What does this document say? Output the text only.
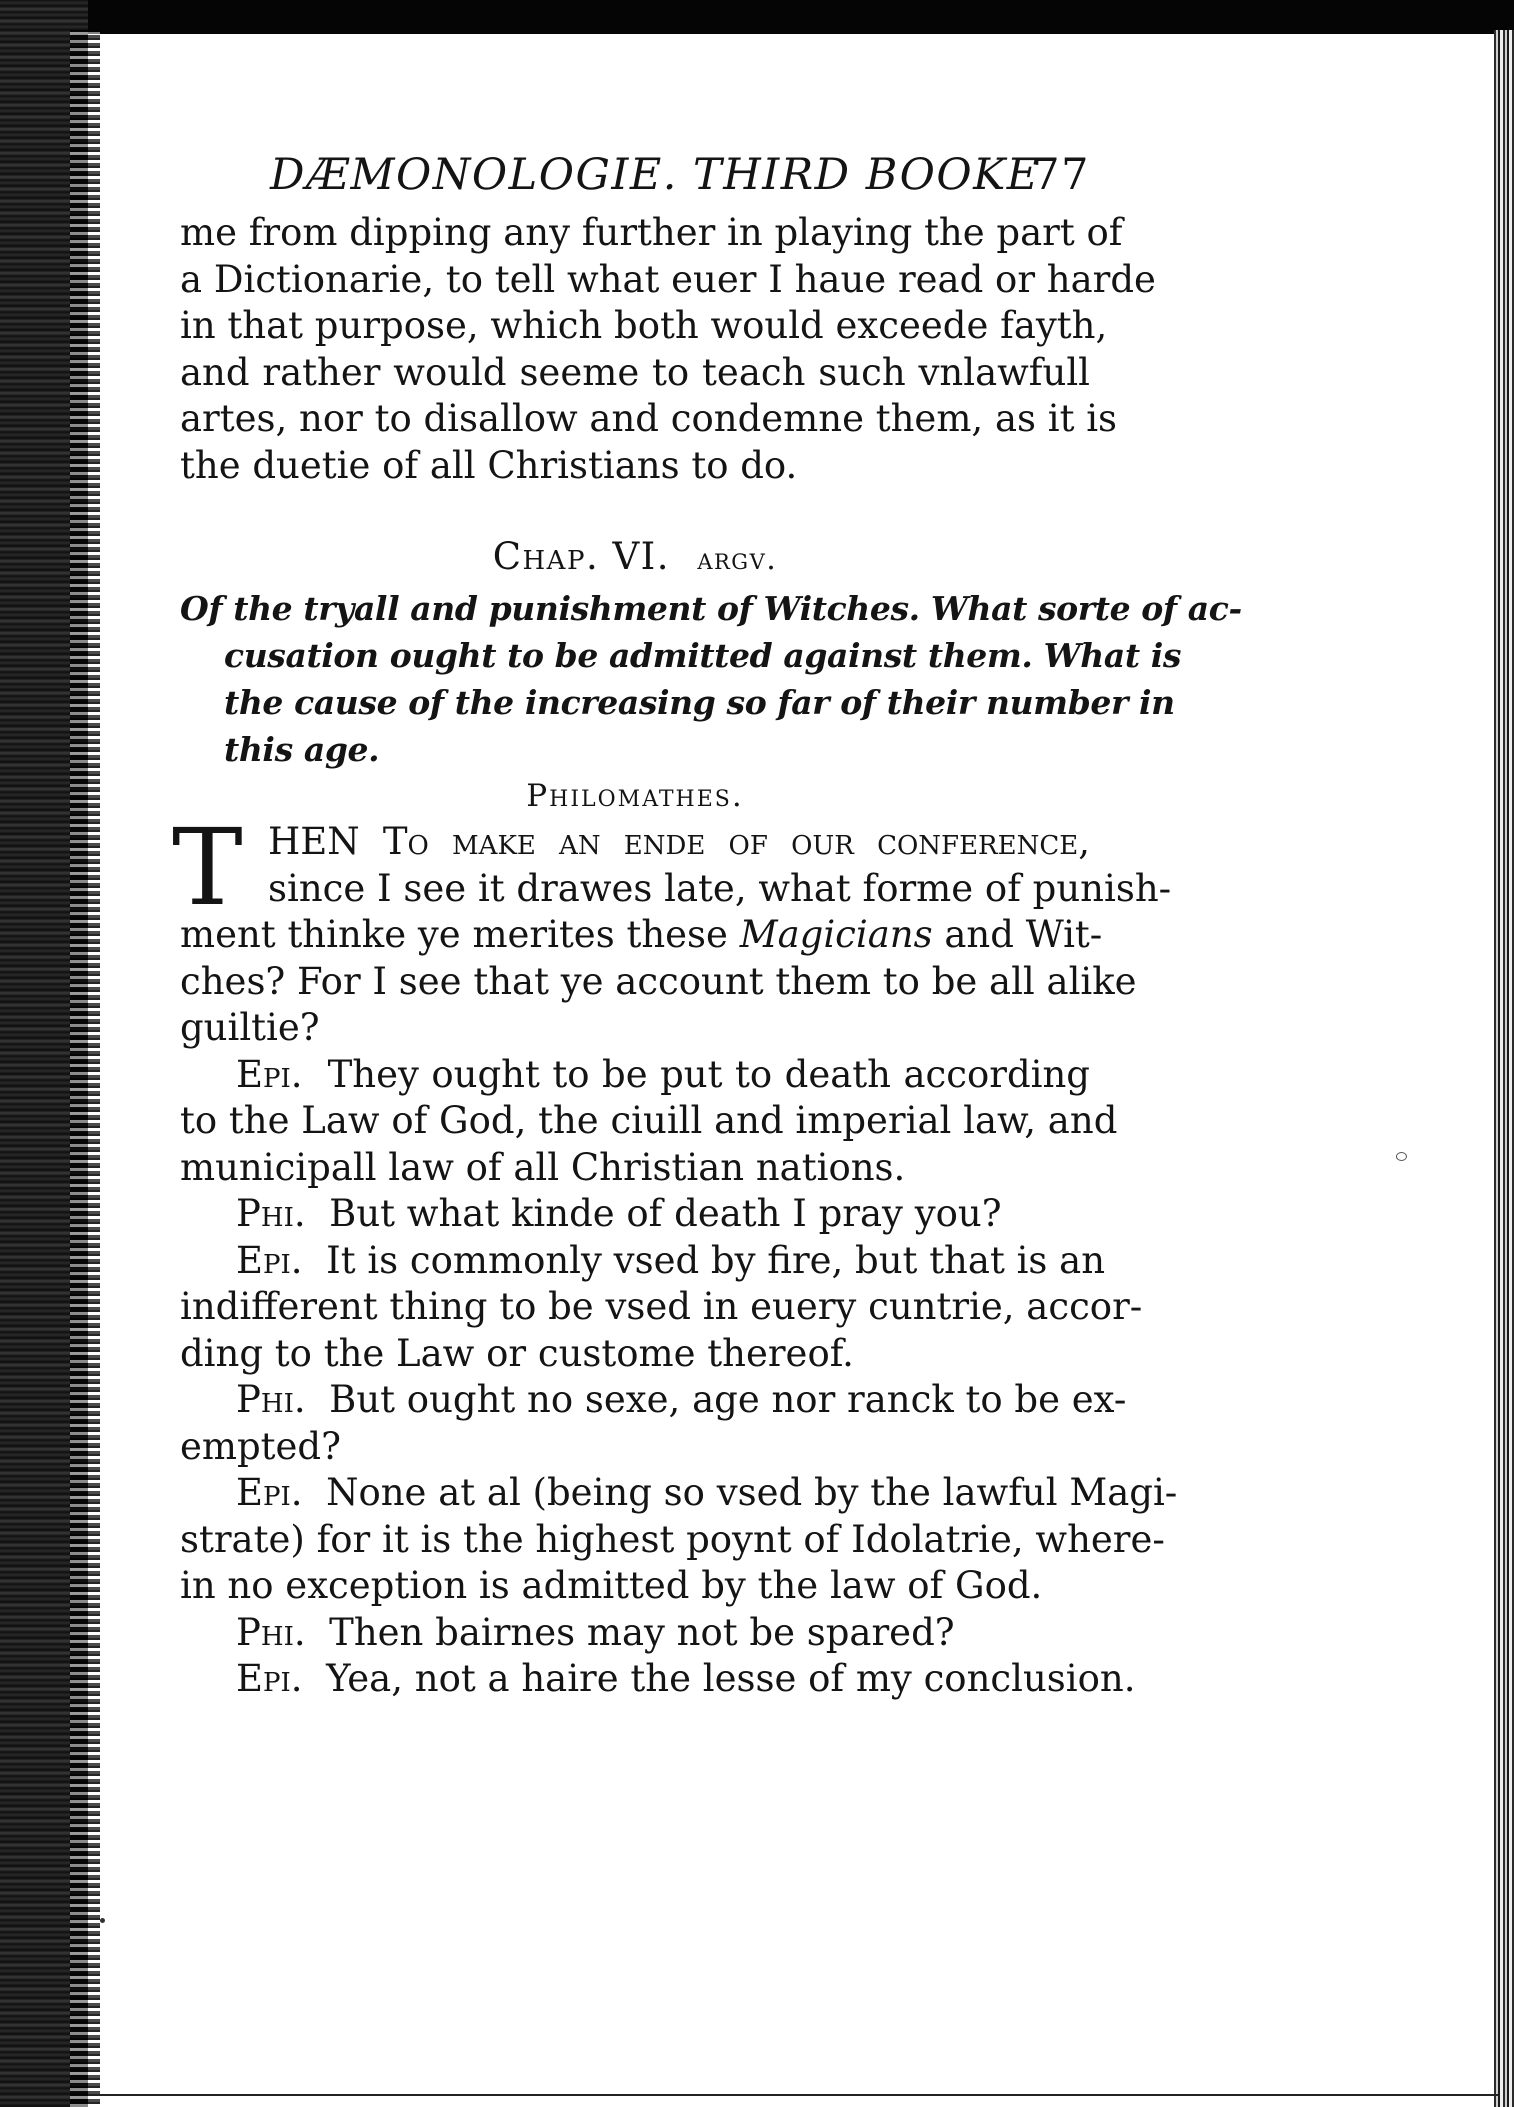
DÆMONOLOGIE. THIRD BOOKE
77
me from dipping any further in playing the part of
a Dictionarie, to tell what euer I haue read or harde
in that purpose, which both would exceede fayth,
and rather would seeme to teach such vnlawfull
artes, nor to disallow and condemne them, as it is
the duetie of all Christians to do.
Chap. VI. argv.
Of the tryall and punishment of Witches. What sorte of ac-
cusation ought to be admitted against them. What is
the cause of the increasing so far of their number in
this age.
Philomathes.
T HEN To make an ende of our conference,
since I see it drawes late, what forme of punish-
ment thinke ye merites these Magicians and Wit-
ches? For I see that ye account them to be all alike
guiltie?
Epi. They ought to be put to death according
to the Law of God, the ciuill and imperial law, and
municipall law of all Christian nations.
Phi. But what kinde of death I pray you?
Epi. It is commonly vsed by fire, but that is an
indifferent thing to be vsed in euery cuntrie, accor-
ding to the Law or custome thereof.
Phi. But ought no sexe, age nor ranck to be ex-
empted?
Epi. None at al (being so vsed by the lawful Magi-
strate) for it is the highest poynt of Idolatrie, where-
in no exception is admitted by the law of God.
Phi. Then bairnes may not be spared?
Epi. Yea, not a haire the lesse of my conclusion.
